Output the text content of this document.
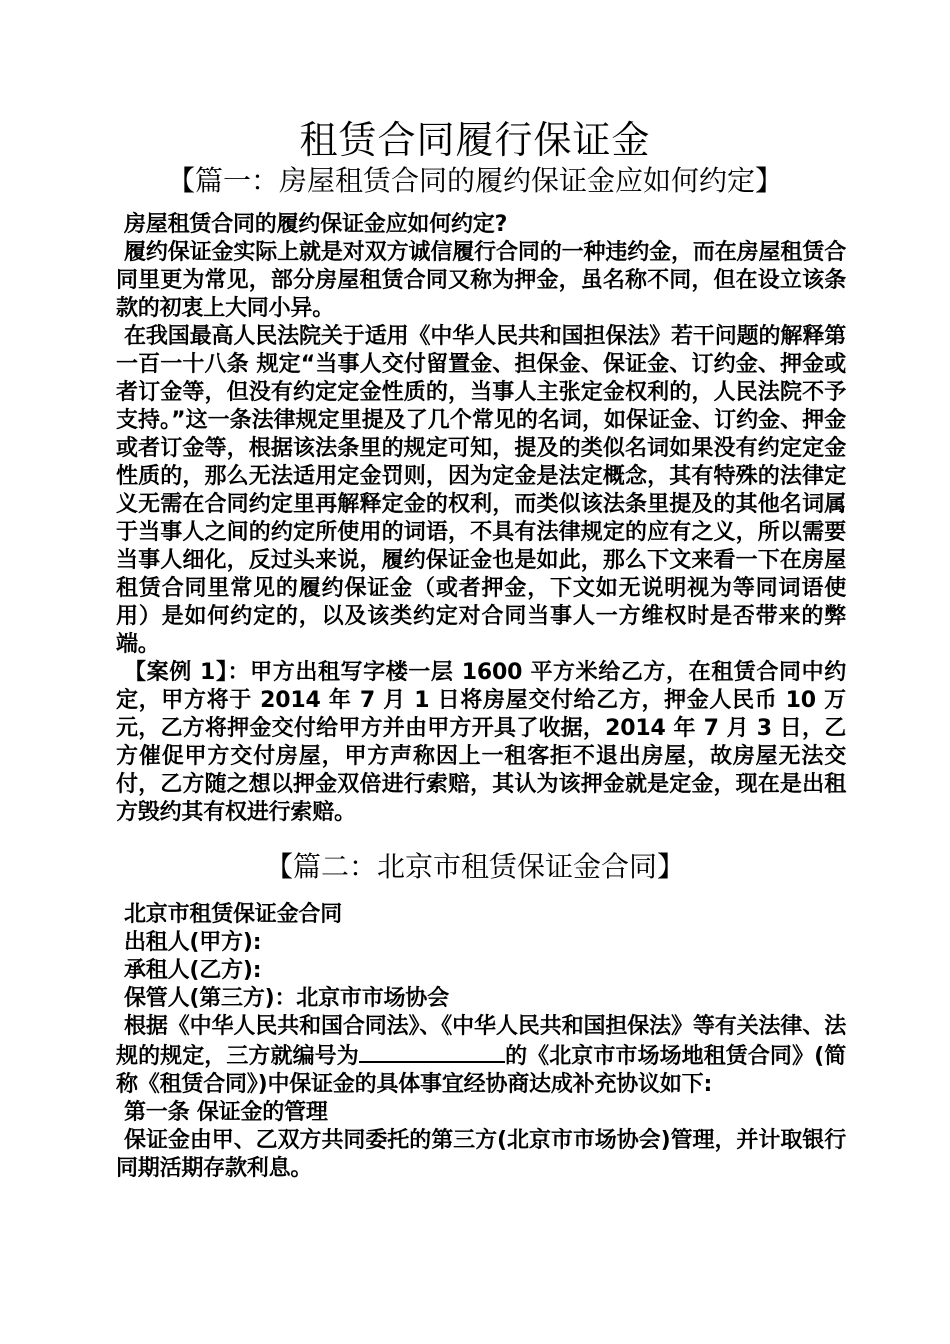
租赁合同履行保证金
【篇一：房屋租赁合同的履约保证金应如何约定】

房屋租赁合同的履约保证金应如何约定?

履约保证金实际上就是对双方诚信履行合同的一种违约金，而在房屋租赁合同里更为常见，部分房屋租赁合同又称为押金，虽名称不同，但在设立该条款的初衷上大同小异。

在我国最高人民法院关于适用《中华人民共和国担保法》若干问题的解释第一百一十八条 规定“当事人交付留置金、担保金、保证金、订约金、押金或者订金等，但没有约定定金性质的，当事人主张定金权利的，人民法院不予支持。”这一条法律规定里提及了几个常见的名词，如保证金、订约金、押金或者订金等，根据该法条里的规定可知，提及的类似名词如果没有约定定金性质的，那么无法适用定金罚则，因为定金是法定概念，其有特殊的法律定义无需在合同约定里再解释定金的权利，而类似该法条里提及的其他名词属于当事人之间的约定所使用的词语，不具有法律规定的应有之义，所以需要当事人细化，反过头来说，履约保证金也是如此，那么下文来看一下在房屋租赁合同里常见的履约保证金（或者押金，下文如无说明视为等同词语使用）是如何约定的，以及该类约定对合同当事人一方维权时是否带来的弊端。

【案例 1】：甲方出租写字楼一层 1600 平方米给乙方，在租赁合同中约定，甲方将于 2014 年 7 月 1 日将房屋交付给乙方，押金人民币 10 万元，乙方将押金交付给甲方并由甲方开具了收据，2014 年 7 月 3 日，乙方催促甲方交付房屋，甲方声称因上一租客拒不退出房屋，故房屋无法交付，乙方随之想以押金双倍进行索赔，其认为该押金就是定金，现在是出租方毁约其有权进行索赔。

【篇二：北京市租赁保证金合同】

北京市租赁保证金合同

出租人(甲方):

承租人(乙方):

保管人(第三方)：北京市市场协会

根据《中华人民共和国合同法》、《中华人民共和国担保法》等有关法律、法规的规定，三方就编号为	的《北京市市场场地租赁合同》(简称《租赁合同》)中保证金的具体事宜经协商达成补充协议如下:

第一条 保证金的管理

保证金由甲、乙双方共同委托的第三方(北京市市场协会)管理，并计取银行同期活期存款利息。
